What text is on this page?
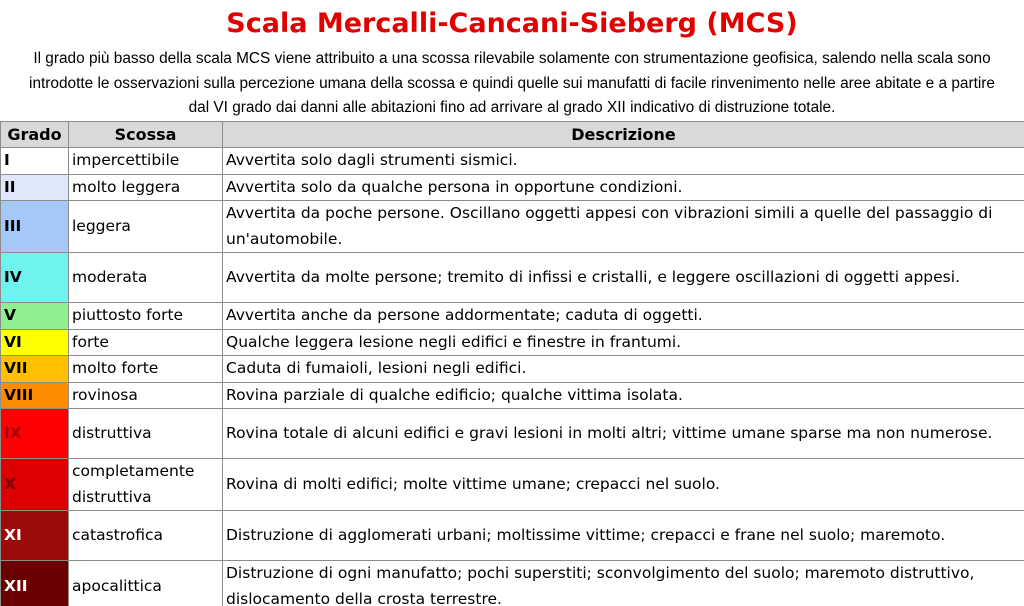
Scala Mercalli-Cancani-Sieberg (MCS)
Il grado più basso della scala MCS viene attribuito a una scossa rilevabile solamente con strumentazione geofisica, salendo nella scala sono
introdotte le osservazioni sulla percezione umana della scossa e quindi quelle sui manufatti di facile rinvenimento nelle aree abitate e a partire
dal VI grado dai danni alle abitazioni fino ad arrivare al grado XII indicativo di distruzione totale.
Grado	Scossa	Descrizione
I	impercettibile	Avvertita solo dagli strumenti sismici.
II	molto leggera	Avvertita solo da qualche persona in opportune condizioni.
III	leggera	Avvertita da poche persone. Oscillano oggetti appesi con vibrazioni simili a quelle del passaggio di un'automobile.
IV	moderata	Avvertita da molte persone; tremito di infissi e cristalli, e leggere oscillazioni di oggetti appesi.
V	piuttosto forte	Avvertita anche da persone addormentate; caduta di oggetti.
VI	forte	Qualche leggera lesione negli edifici e finestre in frantumi.
VII	molto forte	Caduta di fumaioli, lesioni negli edifici.
VIII	rovinosa	Rovina parziale di qualche edificio; qualche vittima isolata.
IX	distruttiva	Rovina totale di alcuni edifici e gravi lesioni in molti altri; vittime umane sparse ma non numerose.
X	completamente distruttiva	Rovina di molti edifici; molte vittime umane; crepacci nel suolo.
XI	catastrofica	Distruzione di agglomerati urbani; moltissime vittime; crepacci e frane nel suolo; maremoto.
XII	apocalittica	Distruzione di ogni manufatto; pochi superstiti; sconvolgimento del suolo; maremoto distruttivo, dislocamento della crosta terrestre.
